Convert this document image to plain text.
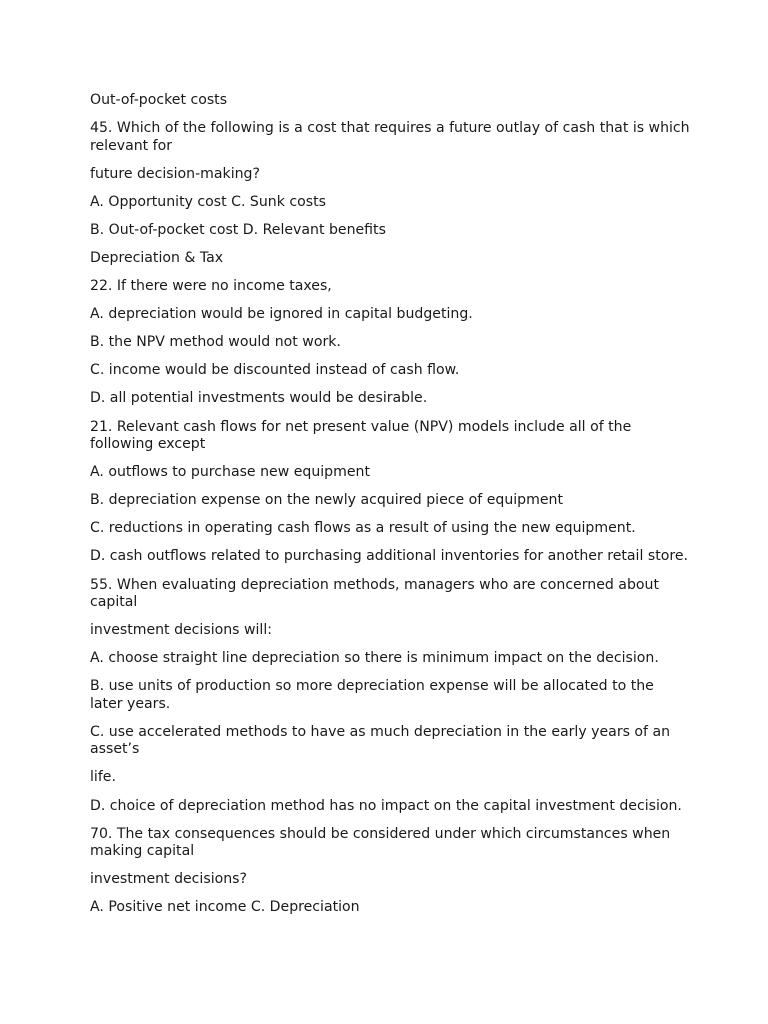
Out-of-pocket costs

45. Which of the following is a cost that requires a future outlay of cash that is which relevant for

future decision-making?

A. Opportunity cost C. Sunk costs

B. Out-of-pocket cost D. Relevant benefits

Depreciation & Tax

22. If there were no income taxes,

A. depreciation would be ignored in capital budgeting.

B. the NPV method would not work.

C. income would be discounted instead of cash flow.

D. all potential investments would be desirable.

21. Relevant cash flows for net present value (NPV) models include all of the following except

A. outflows to purchase new equipment

B. depreciation expense on the newly acquired piece of equipment

C. reductions in operating cash flows as a result of using the new equipment.

D. cash outflows related to purchasing additional inventories for another retail store.

55. When evaluating depreciation methods, managers who are concerned about capital

investment decisions will:

A. choose straight line depreciation so there is minimum impact on the decision.

B. use units of production so more depreciation expense will be allocated to the later years.

C. use accelerated methods to have as much depreciation in the early years of an asset’s

life.

D. choice of depreciation method has no impact on the capital investment decision.

70. The tax consequences should be considered under which circumstances when making capital

investment decisions?

A. Positive net income C. Depreciation
